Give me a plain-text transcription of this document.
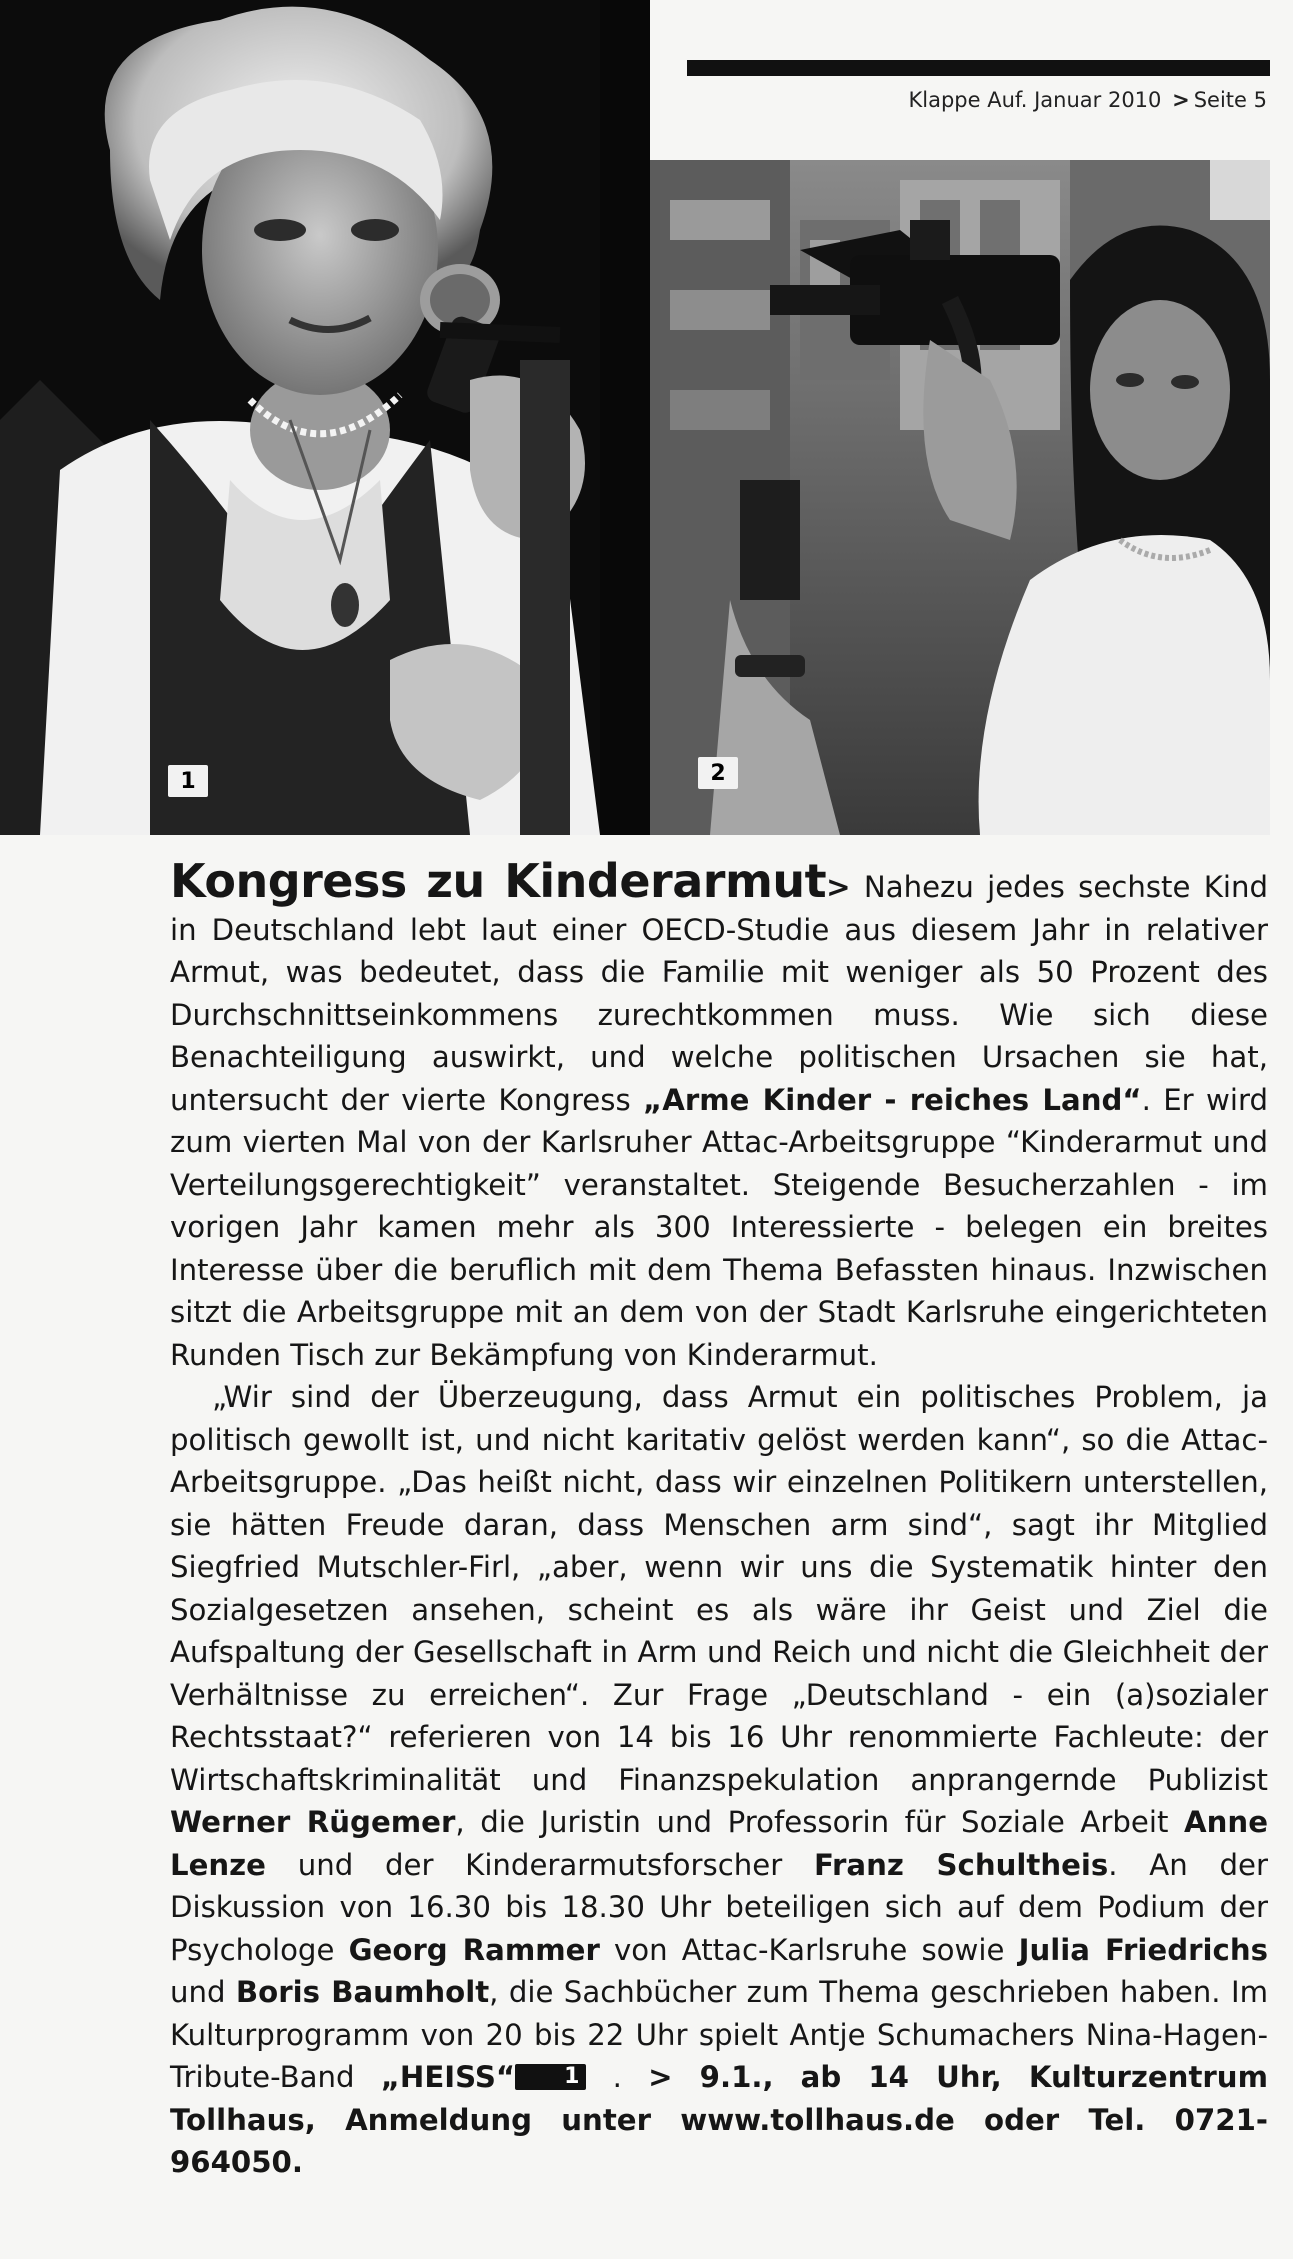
1
Klappe Auf. Januar 2010 > Seite 5
2

Kongress zu Kinderarmut> Nahezu jedes sechste Kind in Deutschland lebt laut einer OECD-Studie aus diesem Jahr in relativer Armut, was bedeutet, dass die Familie mit weniger als 50 Prozent des Durchschnittseinkommens zurechtkommen muss. Wie sich diese Benachteiligung auswirkt, und welche politischen Ursachen sie hat, untersucht der vierte Kongress „Arme Kinder - reiches Land“. Er wird zum vierten Mal von der Karlsruher Attac-Arbeitsgruppe “Kinderarmut und Verteilungsgerechtigkeit” veranstaltet. Steigende Besucherzahlen - im vorigen Jahr kamen mehr als 300 Interessierte - belegen ein breites Interesse über die beruflich mit dem Thema Befassten hinaus. Inzwischen sitzt die Arbeitsgruppe mit an dem von der Stadt Karlsruhe eingerichteten Runden Tisch zur Bekämpfung von Kinderarmut.

„Wir sind der Überzeugung, dass Armut ein politisches Problem, ja politisch gewollt ist, und nicht karitativ gelöst werden kann“, so die Attac-Arbeitsgruppe. „Das heißt nicht, dass wir einzelnen Politikern unterstellen, sie hätten Freude daran, dass Menschen arm sind“, sagt ihr Mitglied Siegfried Mutschler-Firl, „aber, wenn wir uns die Systematik hinter den Sozialgesetzen ansehen, scheint es als wäre ihr Geist und Ziel die Aufspaltung der Gesellschaft in Arm und Reich und nicht die Gleichheit der Verhältnisse zu erreichen“. Zur Frage „Deutschland - ein (a)sozialer Rechtsstaat?“ referieren von 14 bis 16 Uhr renommierte Fachleute: der Wirtschaftskriminalität und Finanzspekulation anprangernde Publizist Werner Rügemer, die Juristin und Professorin für Soziale Arbeit Anne Lenze und der Kinderarmutsforscher Franz Schultheis. An der Diskussion von 16.30 bis 18.30 Uhr beteiligen sich auf dem Podium der Psychologe Georg Rammer von Attac-Karlsruhe sowie Julia Friedrichs und Boris Baumholt, die Sachbücher zum Thema geschrieben haben. Im Kulturprogramm von 20 bis 22 Uhr spielt Antje Schumachers Nina-Hagen-Tribute-Band „HEISS“ 1 . > 9.1., ab 14 Uhr, Kulturzentrum Tollhaus, Anmeldung unter www.tollhaus.de oder Tel. 0721-964050.
